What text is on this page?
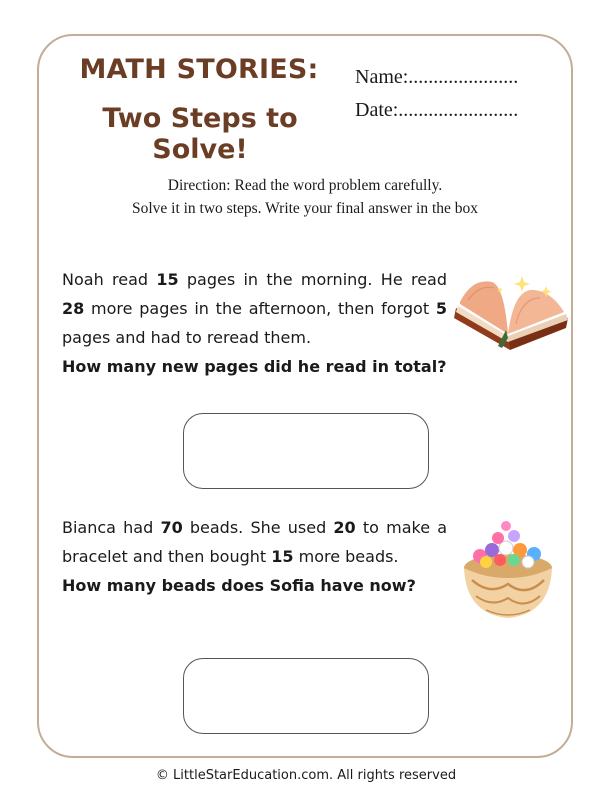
MATH STORIES:
Two Steps to Solve!
Name:......................
Date:........................
Direction: Read the word problem carefully.
Solve it in two steps. Write your final answer in the box
Noah read 15 pages in the morning. He read 28 more pages in the afternoon, then forgot 5 pages and had to reread them.
How many new pages did he read in total?
Bianca had 70 beads. She used 20 to make a bracelet and then bought 15 more beads.
How many beads does Sofia have now?
© LittleStarEducation.com. All rights reserved
